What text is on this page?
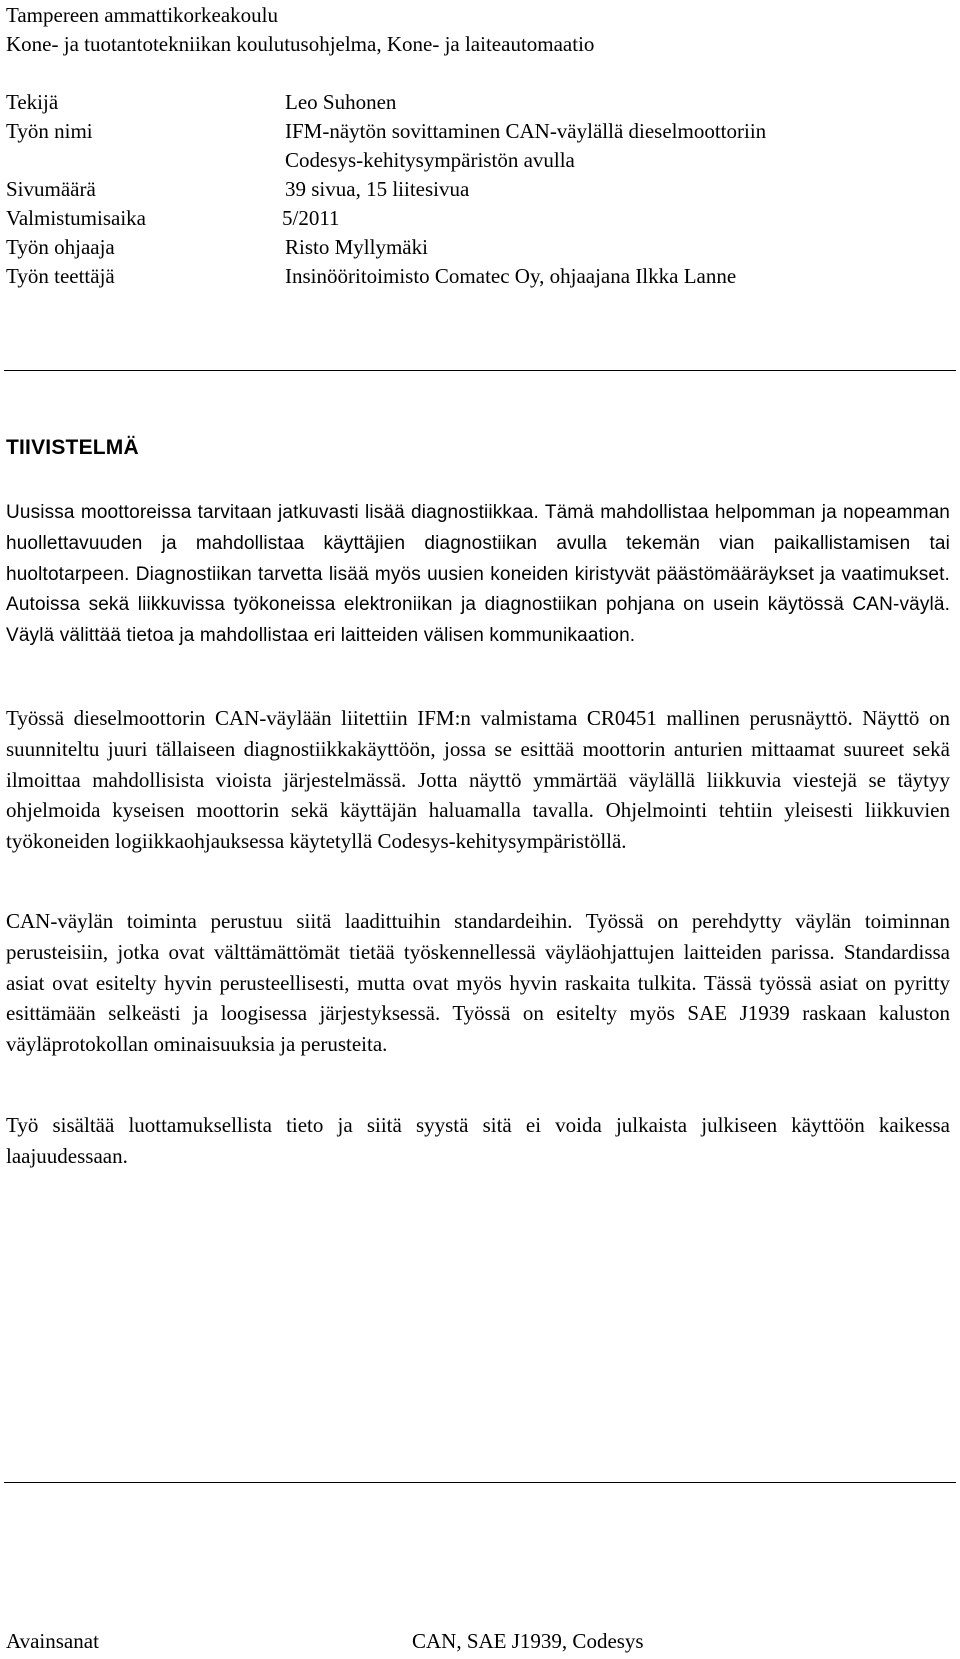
Tampereen ammattikorkeakoulu
Kone- ja tuotantotekniikan koulutusohjelma, Kone- ja laiteautomaatio
Tekijä	Leo Suhonen
Työn nimi	IFM-näytön sovittaminen CAN-väylällä dieselmoottoriin
Codesys-kehitysympäristön avulla
Sivumäärä	39 sivua, 15 liitesivua
Valmistumisaika	5/2011
Työn ohjaaja	Risto Myllymäki
Työn teettäjä	Insinööritoimisto Comatec Oy, ohjaajana Ilkka Lanne
TIIVISTELMÄ

Uusissa moottoreissa tarvitaan jatkuvasti lisää diagnostiikkaa. Tämä mahdollistaa helpomman ja nopeamman huollettavuuden ja mahdollistaa käyttäjien diagnostiikan avulla tekemän vian paikallistamisen tai huoltotarpeen. Diagnostiikan tarvetta lisää myös uusien koneiden kiristyvät päästömääräykset ja vaatimukset. Autoissa sekä liikkuvissa työkoneissa elektroniikan ja diagnostiikan pohjana on usein käytössä CAN-väylä. Väylä välittää tietoa ja mahdollistaa eri laitteiden välisen kommunikaation.

Työssä dieselmoottorin CAN-väylään liitettiin IFM:n valmistama CR0451 mallinen perusnäyttö. Näyttö on suunniteltu juuri tällaiseen diagnostiikkakäyttöön, jossa se esittää moottorin anturien mittaamat suureet sekä ilmoittaa mahdollisista vioista järjestelmässä. Jotta näyttö ymmärtää väylällä liikkuvia viestejä se täytyy ohjelmoida kyseisen moottorin sekä käyttäjän haluamalla tavalla. Ohjelmointi tehtiin yleisesti liikkuvien työkoneiden logiikkaohjauksessa käytetyllä Codesys-kehitysympäristöllä.

CAN-väylän toiminta perustuu siitä laadittuihin standardeihin. Työssä on perehdytty väylän toiminnan perusteisiin, jotka ovat välttämättömät tietää työskennellessä väyläohjattujen laitteiden parissa. Standardissa asiat ovat esitelty hyvin perusteellisesti, mutta ovat myös hyvin raskaita tulkita. Tässä työssä asiat on pyritty esittämään selkeästi ja loogisessa järjestyksessä. Työssä on esitelty myös SAE J1939 raskaan kaluston väyläprotokollan ominaisuuksia ja perusteita.

Työ sisältää luottamuksellista tieto ja siitä syystä sitä ei voida julkaista julkiseen käyttöön kaikessa laajuudessaan.

Avainsanat	CAN, SAE J1939, Codesys
